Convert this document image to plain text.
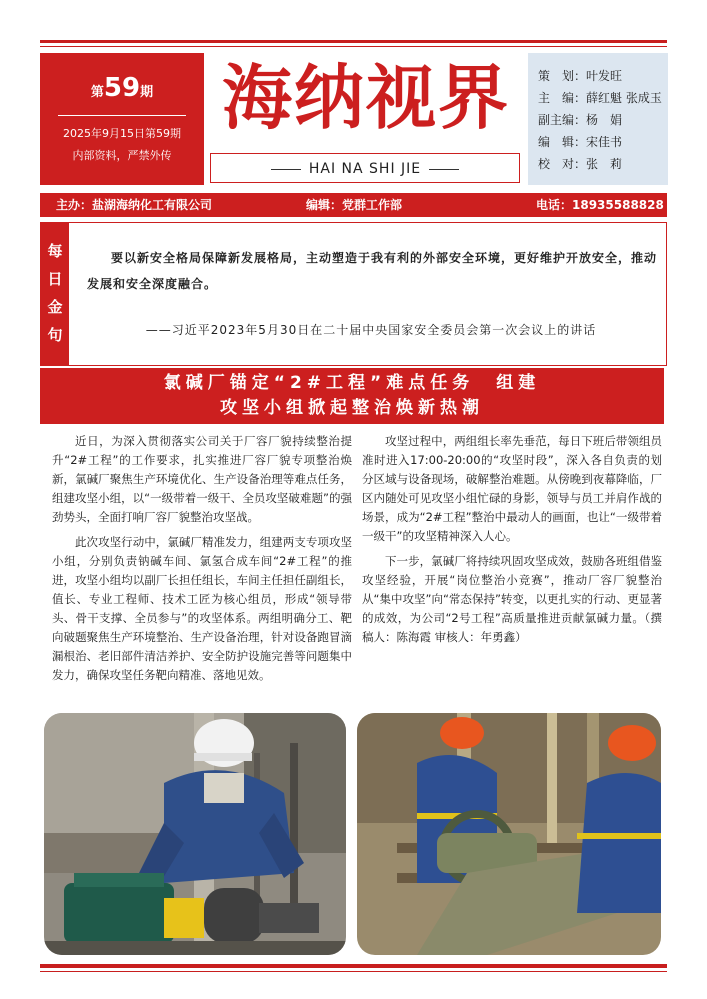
第59期
2025年9月15日第59期
内部资料，严禁外传
海纳视界
HAI NA SHI JIE
策　划：叶发旺
主　编：薛红魁 张成玉
副主编：杨　娟
编　辑：宋佳书
校　对：张　莉
主办：盐湖海纳化工有限公司	编辑：党群工作部	电话：18935588828
每
日
金
句
要以新安全格局保障新发展格局，主动塑造于我有利的外部安全环境，更好维护开放安全，推动发展和安全深度融合。
——习近平2023年5月30日在二十届中央国家安全委员会第一次会议上的讲话
氯碱厂锚定“2#工程”难点任务　组建
攻坚小组掀起整治焕新热潮

近日，为深入贯彻落实公司关于厂容厂貌持续整治提升“2#工程”的工作要求，扎实推进厂容厂貌专项整治焕新，氯碱厂聚焦生产环境优化、生产设备治理等难点任务，组建攻坚小组，以“一级带着一级干、全员攻坚破难题”的强劲势头，全面打响厂容厂貌整治攻坚战。

此次攻坚行动中，氯碱厂精准发力，组建两支专项攻坚小组，分别负责钠碱车间、氯氢合成车间“2#工程”的推进，攻坚小组均以副厂长担任组长，车间主任担任副组长，值长、专业工程师、技术工匠为核心组员，形成“领导带头、骨干支撑、全员参与”的攻坚体系。两组明确分工、靶向破题聚焦生产环境整治、生产设备治理，针对设备跑冒滴漏根治、老旧部件清洁养护、安全防护设施完善等问题集中发力，确保攻坚任务靶向精准、落地见效。

攻坚过程中，两组组长率先垂范，每日下班后带领组员准时进入17:00-20:00的“攻坚时段”，深入各自负责的划分区域与设备现场，破解整治难题。从傍晚到夜幕降临，厂区内随处可见攻坚小组忙碌的身影，领导与员工并肩作战的场景，成为“2#工程”整治中最动人的画面，也让“一级带着一级干”的攻坚精神深入人心。

下一步，氯碱厂将持续巩固攻坚成效，鼓励各班组借鉴攻坚经验，开展“岗位整治小竞赛”，推动厂容厂貌整治从“集中攻坚”向“常态保持”转变，以更扎实的行动、更显著的成效，为公司“2号工程”高质量推进贡献氯碱力量。（撰稿人：陈海霞 审核人：年勇鑫）
